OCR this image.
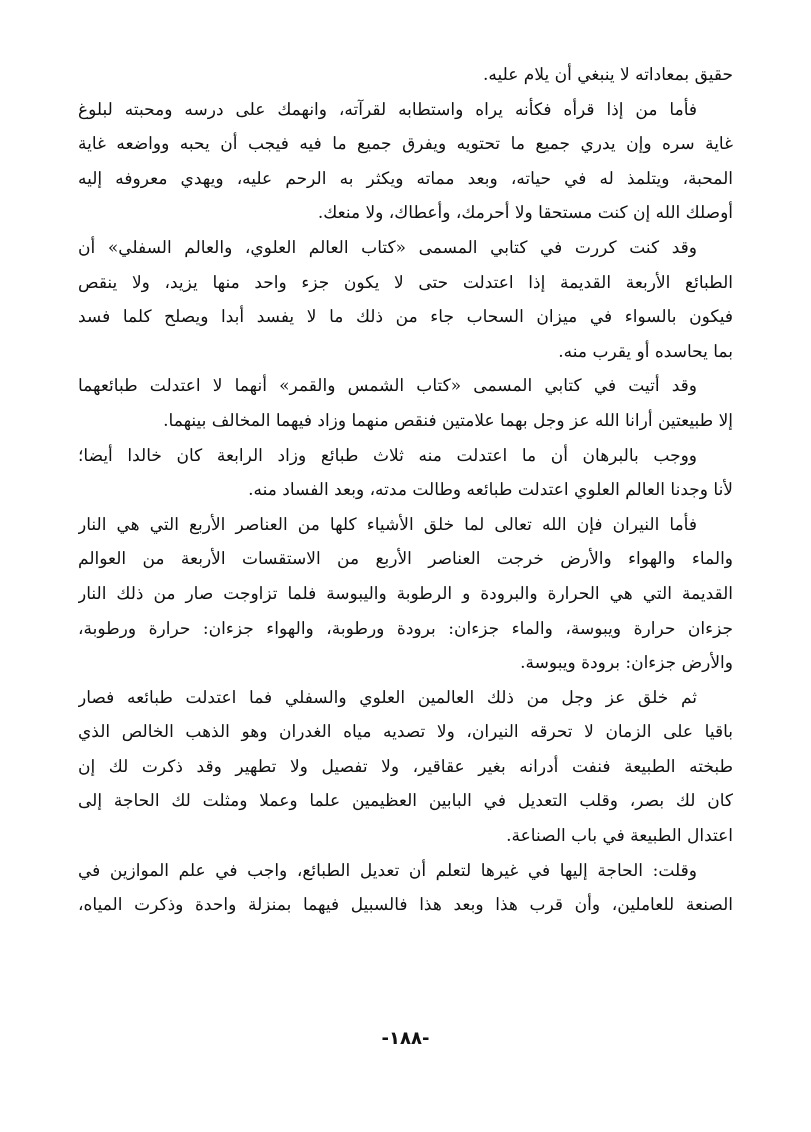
حقيق بمعاداته لا ينبغي أن يلام عليه.
فأما من إذا قرأه فكأنه يراه واستطابه لقرآته، وانهمك على درسه ومحبته لبلوغ
غاية سره وإن يدري جميع ما تحتويه ويفرق جميع ما فيه فيجب أن يحبه وواضعه غاية
المحبة، ويتلمذ له في حياته، وبعد مماته ويكثر به الرحم عليه، ويهدي معروفه إليه
أوصلك الله إن كنت مستحقا ولا أحرمك، وأعطاك، ولا منعك.
وقد كنت كررت في كتابي المسمى «كتاب العالم العلوي، والعالم السفلي» أن
الطبائع الأربعة القديمة إذا اعتدلت حتى لا يكون جزء واحد منها يزيد، ولا ينقص
فيكون بالسواء في ميزان السحاب جاء من ذلك ما لا يفسد أبدا ويصلح كلما فسد
بما يحاسده أو يقرب منه.
وقد أتيت في كتابي المسمى «كتاب الشمس والقمر» أنهما لا اعتدلت طبائعهما
إلا طبيعتين أرانا الله عز وجل بهما علامتين فنقص منهما وزاد فيهما المخالف بينهما.
ووجب بالبرهان أن ما اعتدلت منه ثلاث طبائع وزاد الرابعة كان خالدا أيضا؛
لأنا وجدنا العالم العلوي اعتدلت طبائعه وطالت مدته، وبعد الفساد منه.
فأما النيران فإن الله تعالى لما خلق الأشياء كلها من العناصر الأربع التي هي النار
والماء والهواء والأرض خرجت العناصر الأربع من الاستقسات الأربعة من العوالم
القديمة التي هي الحرارة والبرودة و الرطوبة واليبوسة فلما تزاوجت صار من ذلك النار
جزءان حرارة ويبوسة، والماء جزءان: برودة ورطوبة، والهواء جزءان: حرارة ورطوبة،
والأرض جزءان: برودة ويبوسة.
ثم خلق عز وجل من ذلك العالمين العلوي والسفلي فما اعتدلت طبائعه فصار
باقيا على الزمان لا تحرقه النيران، ولا تصديه مياه الغدران وهو الذهب الخالص الذي
طبخته الطبيعة فنفت أدرانه بغير عقاقير، ولا تفصيل ولا تطهير وقد ذكرت لك إن
كان لك بصر، وقلب التعديل في البابين العظيمين علما وعملا ومثلت لك الحاجة إلى
اعتدال الطبيعة في باب الصناعة.
وقلت: الحاجة إليها في غيرها لتعلم أن تعديل الطبائع، واجب في علم الموازين في
الصنعة للعاملين، وأن قرب هذا وبعد هذا فالسبيل فيهما بمنزلة واحدة وذكرت المياه،
-١٨٨-
